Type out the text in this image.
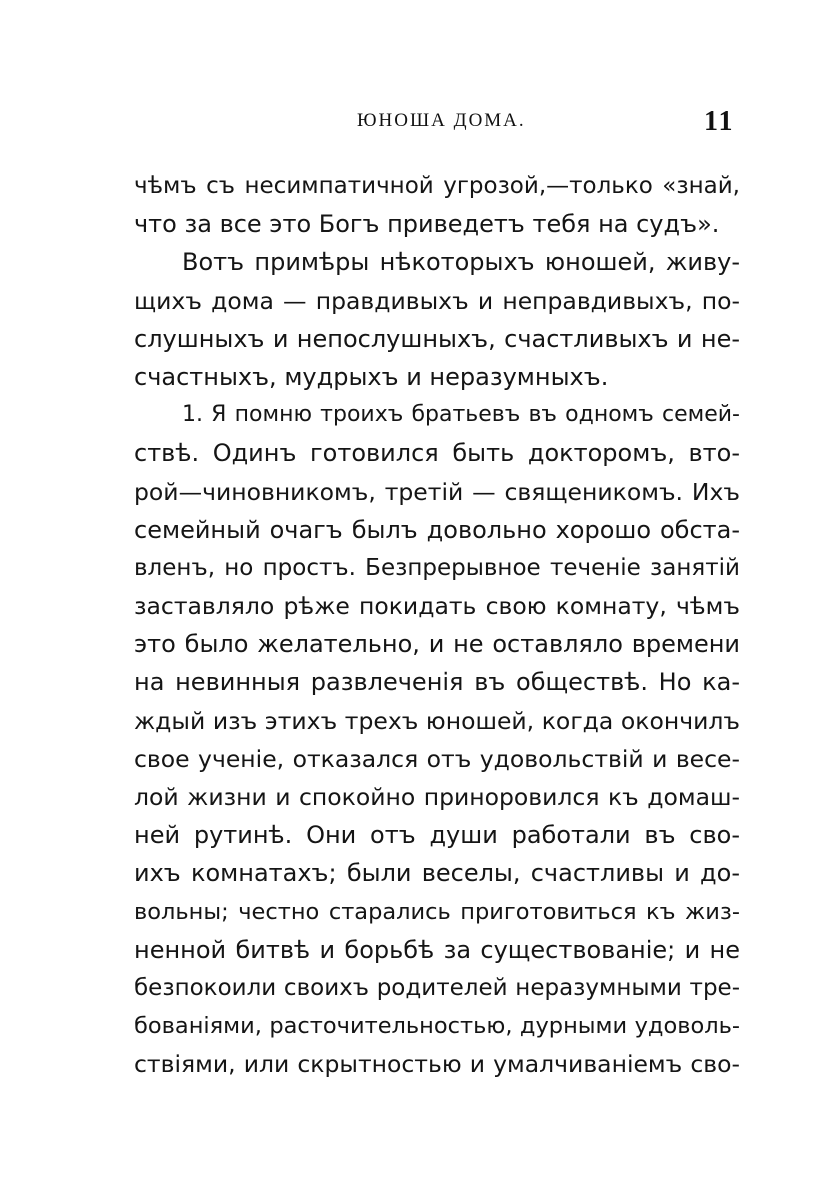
ЮНОША ДОМА.	11
чѣмъ съ несимпатичной угрозой,—только «знай,
что за все это Богъ приведетъ тебя на судъ».
Вотъ примѣры нѣкоторыхъ юношей, живу-
щихъ дома — правдивыхъ и неправдивыхъ, по-
слушныхъ и непослушныхъ, счастливыхъ и не-
счастныхъ, мудрыхъ и неразумныхъ.
1. Я помню троихъ братьевъ въ одномъ семей-
ствѣ. Одинъ готовился быть докторомъ, вто-
рой—чиновникомъ, третій — священикомъ. Ихъ
семейный очагъ былъ довольно хорошо обста-
вленъ, но простъ. Безпрерывное теченіе занятій
заставляло рѣже покидать свою комнату, чѣмъ
это было желательно, и не оставляло времени
на невинныя развлеченія въ обществѣ. Но ка-
ждый изъ этихъ трехъ юношей, когда окончилъ
свое ученіе, отказался отъ удовольствій и весе-
лой жизни и спокойно приноровился къ домаш-
ней рутинѣ. Они отъ души работали въ сво-
ихъ комнатахъ; были веселы, счастливы и до-
вольны; честно старались приготовиться къ жиз-
ненной битвѣ и борьбѣ за существованіе; и не
безпокоили своихъ родителей неразумными тре-
бованіями, расточительностью, дурными удоволь-
ствіями, или скрытностью и умалчиваніемъ сво-
